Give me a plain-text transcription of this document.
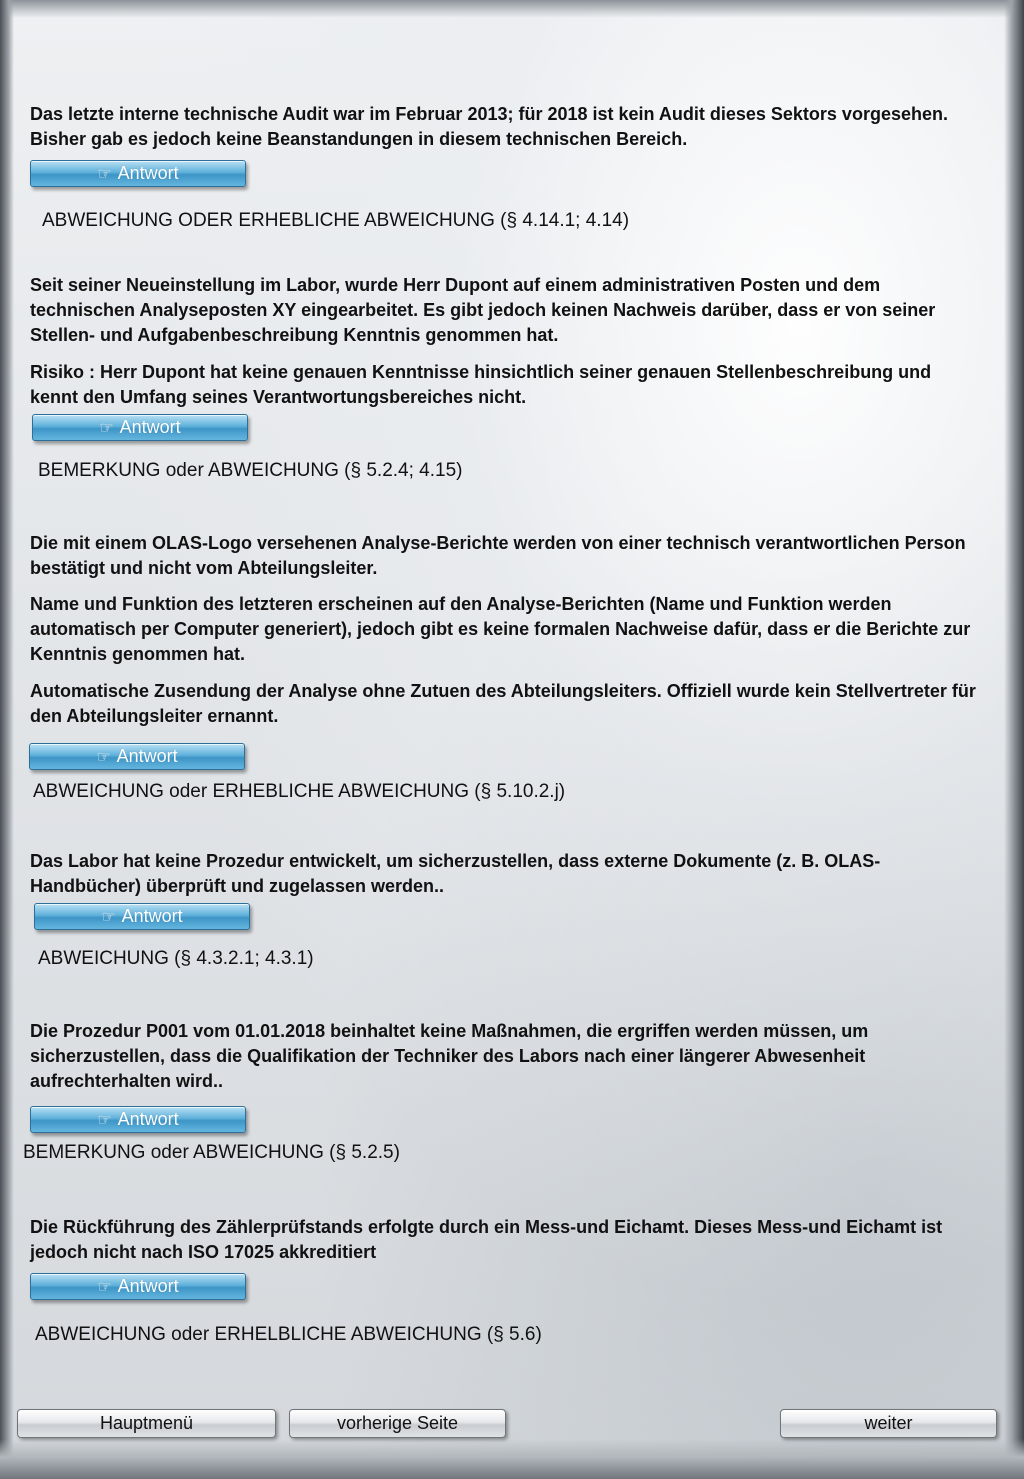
Das letzte interne technische Audit war im Februar 2013; für 2018 ist kein Audit dieses Sektors vorgesehen. Bisher gab es jedoch keine Beanstandungen in diesem technischen Bereich.

☞ Antwort

ABWEICHUNG ODER ERHEBLICHE ABWEICHUNG (§ 4.14.1; 4.14)

Seit seiner Neueinstellung im Labor, wurde Herr Dupont auf einem administrativen Posten und dem technischen Analyseposten XY eingearbeitet. Es gibt jedoch keinen Nachweis darüber, dass er von seiner Stellen- und Aufgabenbeschreibung Kenntnis genommen hat.

Risiko : Herr Dupont hat keine genauen Kenntnisse hinsichtlich seiner genauen Stellenbeschreibung und kennt den Umfang seines Verantwortungsbereiches nicht.

☞ Antwort

BEMERKUNG oder ABWEICHUNG (§ 5.2.4; 4.15)

Die mit einem OLAS-Logo versehenen Analyse-Berichte werden von einer technisch verantwortlichen Person bestätigt und nicht vom Abteilungsleiter.

Name und Funktion des letzteren erscheinen auf den Analyse-Berichten (Name und Funktion werden automatisch per Computer generiert), jedoch gibt es keine formalen Nachweise dafür, dass er die Berichte zur Kenntnis genommen hat.

Automatische Zusendung der Analyse ohne Zutuen des Abteilungsleiters. Offiziell wurde kein Stellvertreter für den Abteilungsleiter ernannt.

☞ Antwort

ABWEICHUNG oder ERHEBLICHE ABWEICHUNG (§ 5.10.2.j)

Das Labor hat keine Prozedur entwickelt, um sicherzustellen, dass externe Dokumente (z. B. OLAS-Handbücher) überprüft und zugelassen werden..

☞ Antwort

ABWEICHUNG (§ 4.3.2.1; 4.3.1)

Die Prozedur P001 vom 01.01.2018 beinhaltet keine Maßnahmen, die ergriffen werden müssen, um sicherzustellen, dass die Qualifikation der Techniker des Labors nach einer längerer Abwesenheit aufrechterhalten wird..

☞ Antwort

BEMERKUNG oder ABWEICHUNG (§ 5.2.5)

Die Rückführung des Zählerprüfstands erfolgte durch ein Mess-und Eichamt. Dieses Mess-und Eichamt ist jedoch nicht nach ISO 17025 akkreditiert

☞ Antwort

ABWEICHUNG oder ERHELBLICHE ABWEICHUNG (§ 5.6)

Hauptmenü	vorherige Seite	weiter
